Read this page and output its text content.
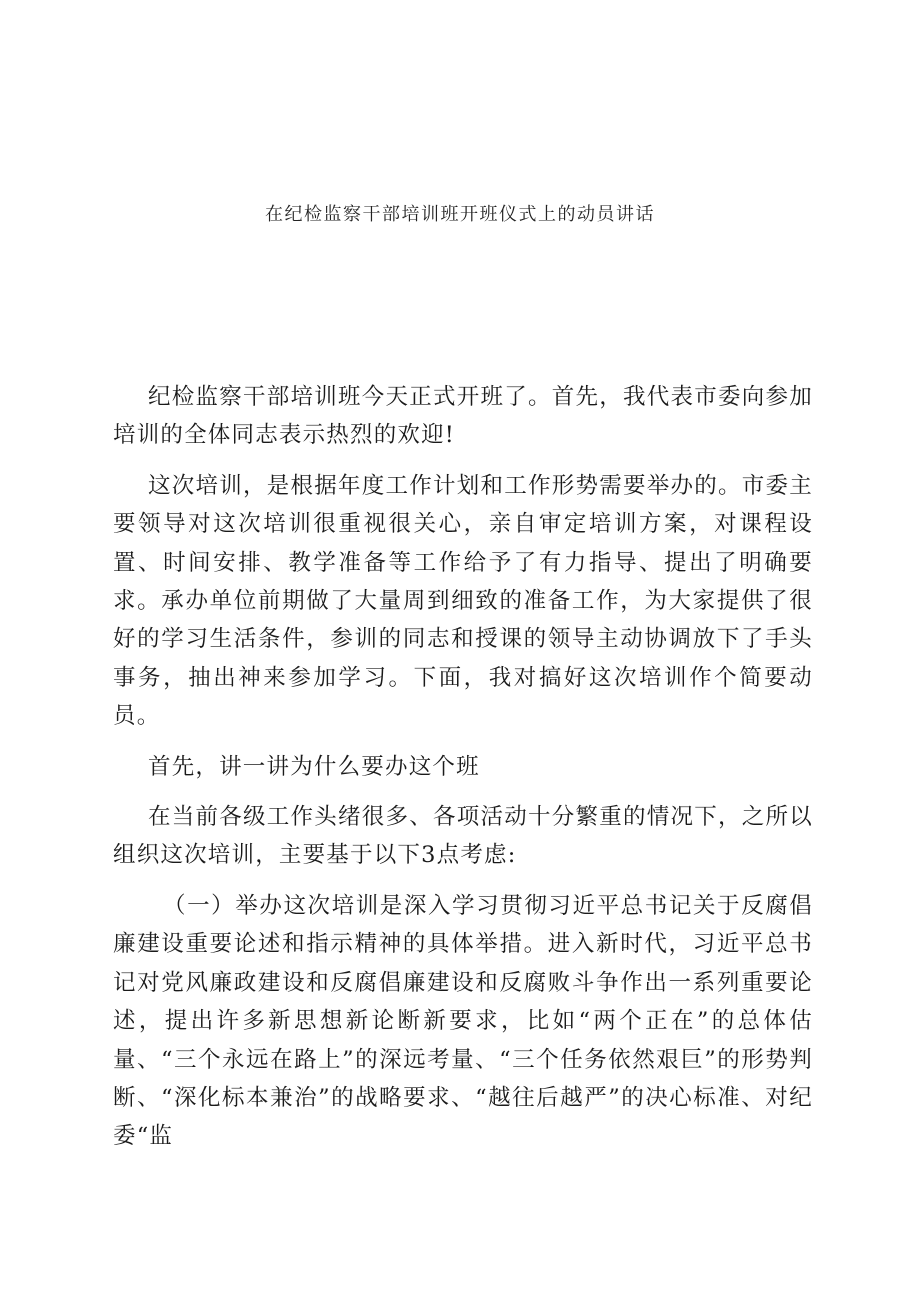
在纪检监察干部培训班开班仪式上的动员讲话

纪检监察干部培训班今天正式开班了。首先，我代表市委向参加培训的全体同志表示热烈的欢迎!

这次培训，是根据年度工作计划和工作形势需要举办的。市委主要领导对这次培训很重视很关心，亲自审定培训方案，对课程设置、时间安排、教学准备等工作给予了有力指导、提出了明确要求。承办单位前期做了大量周到细致的准备工作，为大家提供了很好的学习生活条件，参训的同志和授课的领导主动协调放下了手头事务，抽出神来参加学习。下面，我对搞好这次培训作个简要动员。

首先，讲一讲为什么要办这个班

在当前各级工作头绪很多、各项活动十分繁重的情况下，之所以组织这次培训，主要基于以下3点考虑:

（一）举办这次培训是深入学习贯彻习近平总书记关于反腐倡廉建设重要论述和指示精神的具体举措。进入新时代，习近平总书记对党风廉政建设和反腐倡廉建设和反腐败斗争作出一系列重要论述，提出许多新思想新论断新要求，比如“两个正在”的总体估量、“三个永远在路上”的深远考量、“三个任务依然艰巨”的形势判断、“深化标本兼治”的战略要求、“越往后越严”的决心标准、对纪委“监
